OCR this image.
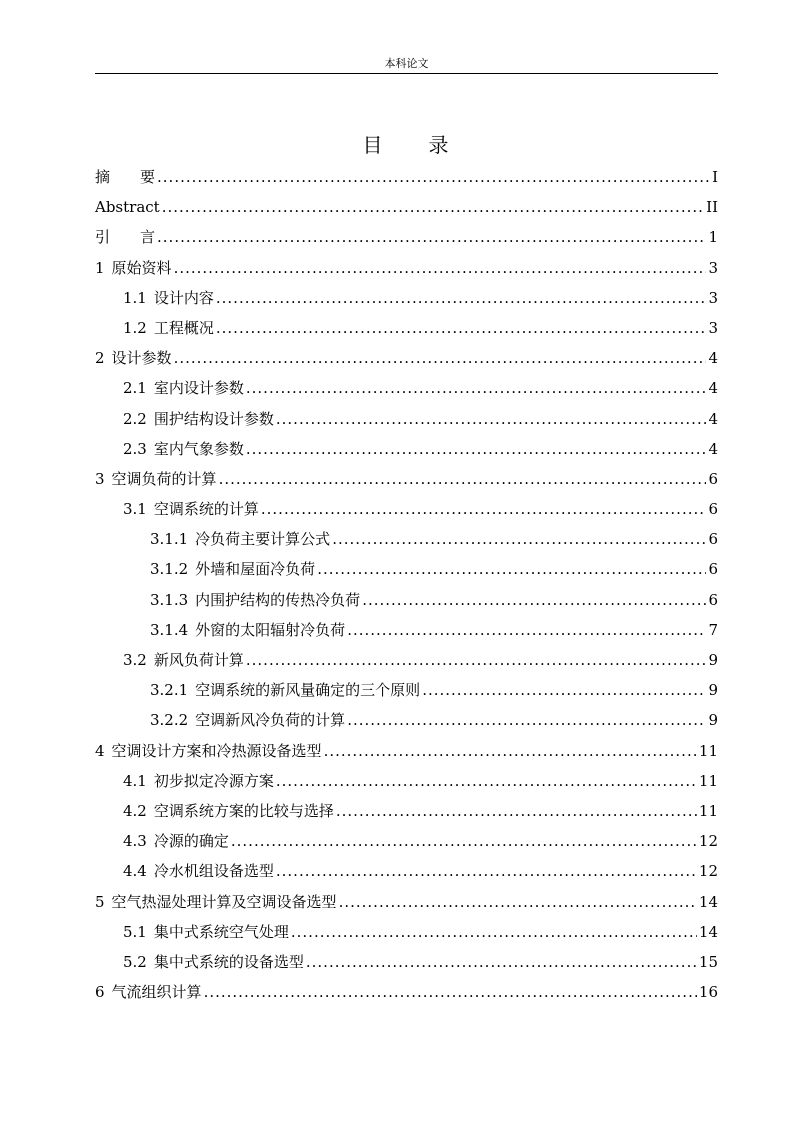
本科论文
目　　录
摘　　要 .....	I
Abstract .....	II
引　　言 .....	1
1 原始资料 .....	3
1.1 设计内容 .....	3
1.2 工程概况 .....	3
2 设计参数 .....	4
2.1 室内设计参数 .....	4
2.2 围护结构设计参数 .....	4
2.3 室内气象参数 .....	4
3 空调负荷的计算 .....	6
3.1 空调系统的计算 .....	6
3.1.1 冷负荷主要计算公式 .....	6
3.1.2 外墙和屋面冷负荷 .....	6
3.1.3 内围护结构的传热冷负荷 .....	6
3.1.4 外窗的太阳辐射冷负荷 .....	7
3.2 新风负荷计算 .....	9
3.2.1 空调系统的新风量确定的三个原则 .....	9
3.2.2 空调新风冷负荷的计算 .....	9
4 空调设计方案和冷热源设备选型 .....	11
4.1 初步拟定冷源方案 .....	11
4.2 空调系统方案的比较与选择 .....	11
4.3 冷源的确定 .....	12
4.4 冷水机组设备选型 .....	12
5 空气热湿处理计算及空调设备选型 .....	14
5.1 集中式系统空气处理 .....	14
5.2 集中式系统的设备选型 .....	15
6 气流组织计算 .....	16
